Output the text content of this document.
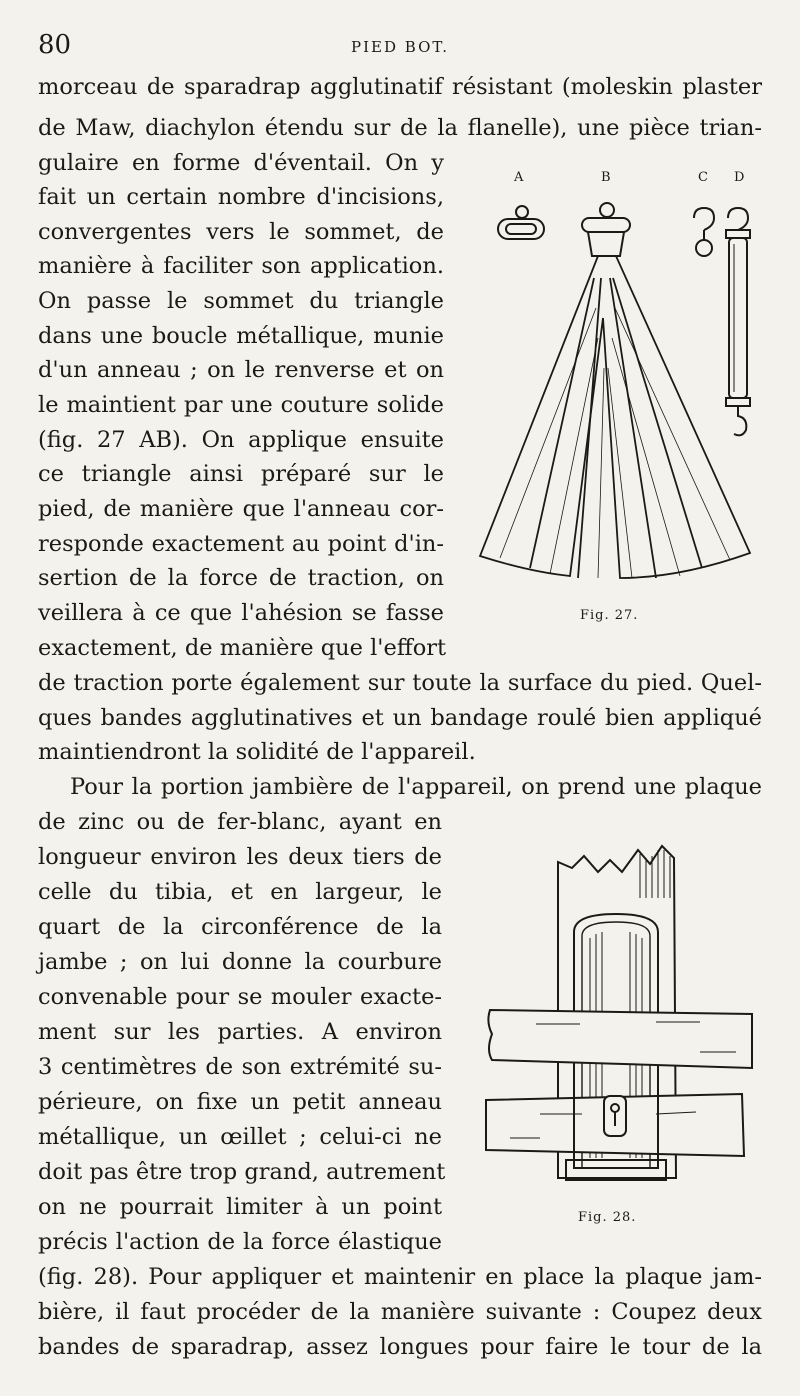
80	PIED BOT.
morceau de sparadrap agglutinatif résistant (moleskin plaster
de Maw, diachylon étendu sur de la flanelle), une pièce trian-
gulaire en forme d'éventail. On y
fait un certain nombre d'incisions,
convergentes vers le sommet, de
manière à faciliter son application.
On passe le sommet du triangle
dans une boucle métallique, munie
d'un anneau ; on le renverse et on
le maintient par une couture solide
(fig. 27 AB). On applique ensuite
ce triangle ainsi préparé sur le
pied, de manière que l'anneau cor-
responde exactement au point d'in-
sertion de la force de traction, on
veillera à ce que l'ahésion se fasse
exactement, de manière que l'effort
de traction porte également sur toute la surface du pied. Quel-
ques bandes agglutinatives et un bandage roulé bien appliqué
maintiendront la solidité de l'appareil.
Pour la portion jambière de l'appareil, on prend une plaque
de zinc ou de fer-blanc, ayant en
longueur environ les deux tiers de
celle du tibia, et en largeur, le
quart de la circonférence de la
jambe ; on lui donne la courbure
convenable pour se mouler exacte-
ment sur les parties. A environ
3 centimètres de son extrémité su-
périeure, on fixe un petit anneau
métallique, un œillet ; celui-ci ne
doit pas être trop grand, autrement
on ne pourrait limiter à un point
précis l'action de la force élastique
(fig. 28). Pour appliquer et maintenir en place la plaque jam-
bière, il faut procéder de la manière suivante : Coupez deux
bandes de sparadrap, assez longues pour faire le tour de la
A	B	C D
Fig. 27.
Fig. 28.
